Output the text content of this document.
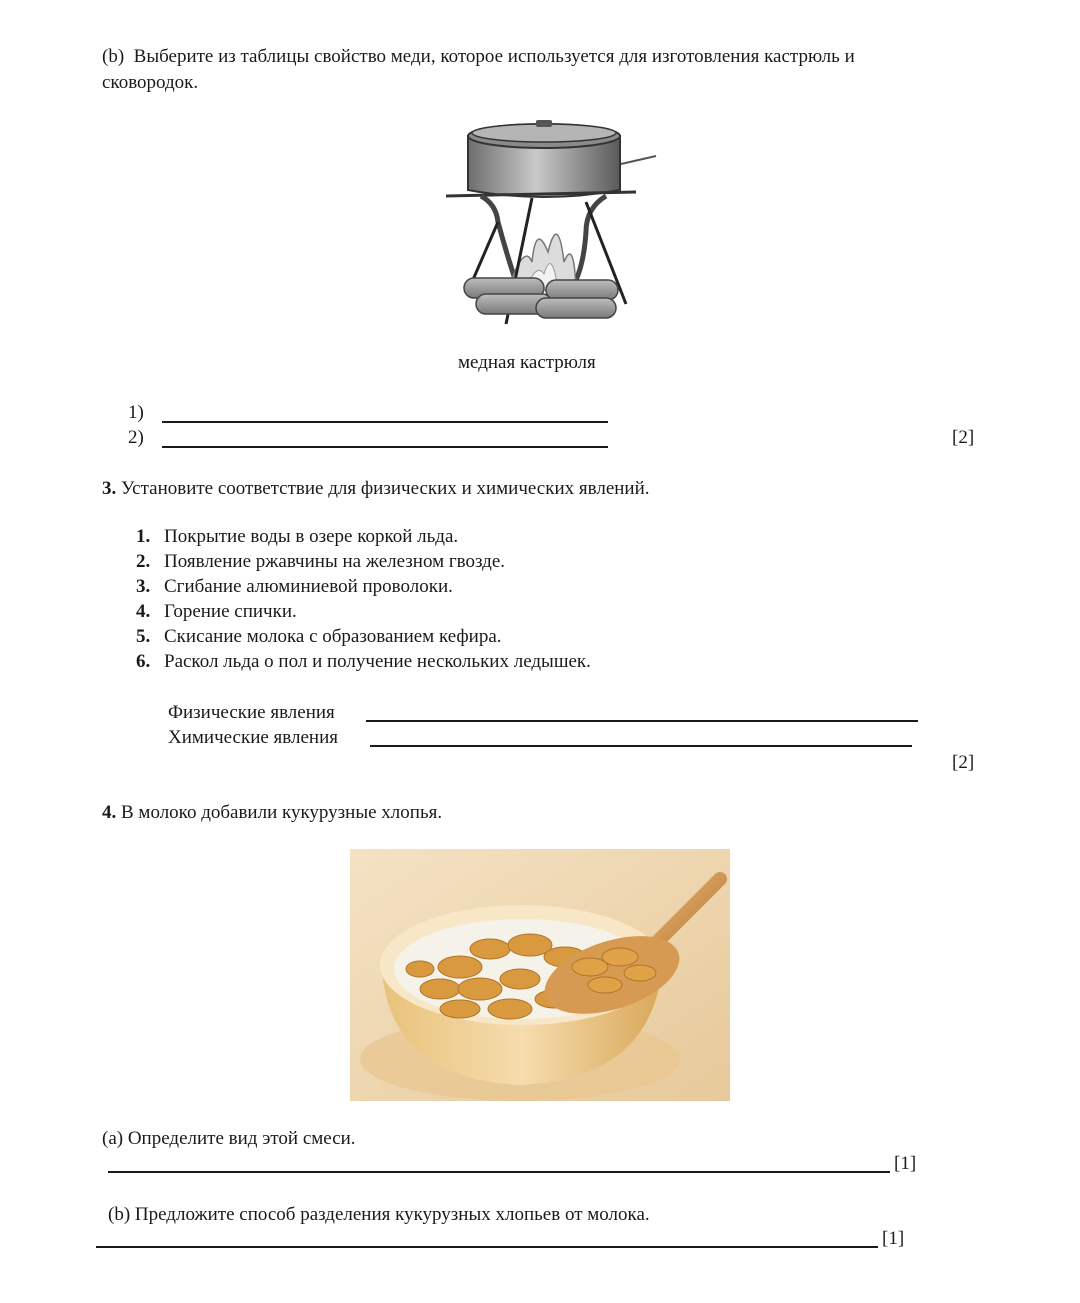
(b) Выберите из таблицы свойство меди, которое используется для изготовления кастрюль и
сковородок.
медная кастрюля
1)
2)	[2]
3. Установите соответствие для физических и химических явлений.
1. Покрытие воды в озере коркой льда.
2. Появление ржавчины на железном гвозде.
3. Сгибание алюминиевой проволоки.
4. Горение спички.
5. Скисание молока с образованием кефира.
6. Раскол льда о пол и получение нескольких ледышек.
Физические явления
Химические явления
[2]
4. В молоко добавили кукурузные хлопья.
(a) Определите вид этой смеси.
[1]
(b) Предложите способ разделения кукурузных хлопьев от молока.
[1]
